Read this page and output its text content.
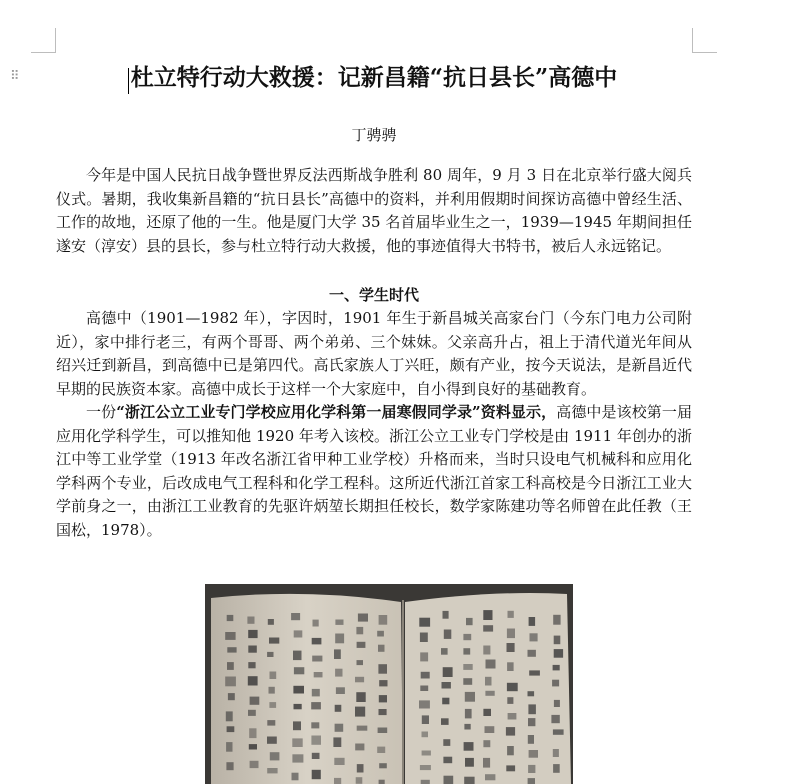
⠿	杜立特行动大救援：记新昌籍“抗日县长”高德中
丁骋骋

今年是中国人民抗日战争暨世界反法西斯战争胜利 80 周年，9 月 3 日在北京举行盛大阅兵仪式。暑期，我收集新昌籍的“抗日县长”高德中的资料，并利用假期时间探访高德中曾经生活、工作的故地，还原了他的一生。他是厦门大学 35 名首届毕业生之一，1939—1945 年期间担任遂安（淳安）县的县长，参与杜立特行动大救援，他的事迹值得大书特书，被后人永远铭记。

一、学生时代

高德中（1901—1982 年），字因时，1901 年生于新昌城关高家台门（今东门电力公司附近），家中排行老三，有两个哥哥、两个弟弟、三个妹妹。父亲高升占，祖上于清代道光年间从绍兴迁到新昌，到高德中已是第四代。高氏家族人丁兴旺，颇有产业，按今天说法，是新昌近代早期的民族资本家。高德中成长于这样一个大家庭中，自小得到良好的基础教育。

一份“浙江公立工业专门学校应用化学科第一届寒假同学录”资料显示，高德中是该校第一届应用化学科学生，可以推知他 1920 年考入该校。浙江公立工业专门学校是由 1911 年创办的浙江中等工业学堂（1913 年改名浙江省甲种工业学校）升格而来，当时只设电气机械科和应用化学科两个专业，后改成电气工程科和化学工程科。这所近代浙江首家工科高校是今日浙江工业大学前身之一，由浙江工业教育的先驱许炳堃长期担任校长，数学家陈建功等名师曾在此任教（王国松，1978）。
